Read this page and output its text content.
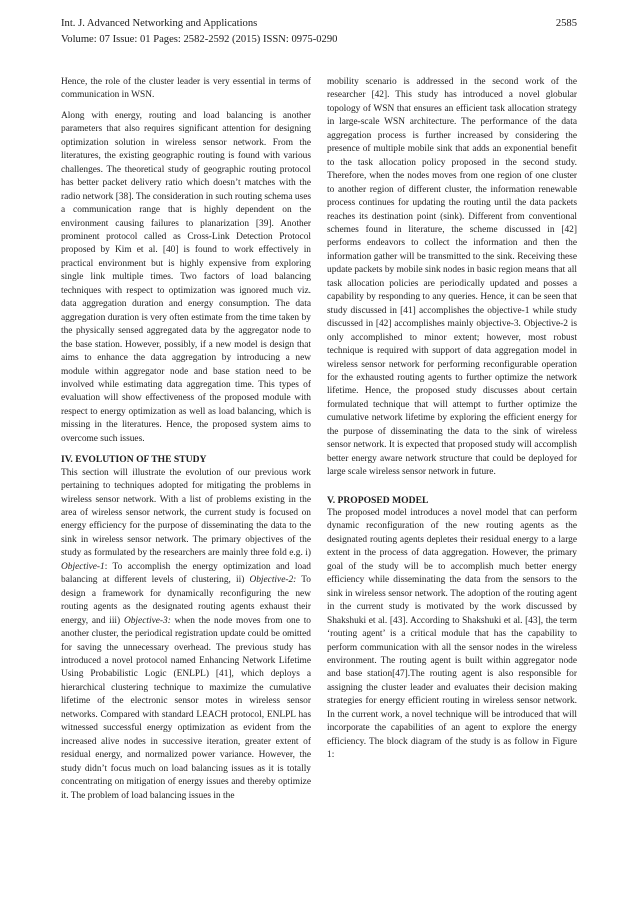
Int. J. Advanced Networking and Applications	2585
Volume: 07 Issue: 01 Pages: 2582-2592 (2015) ISSN: 0975-0290

Hence, the role of the cluster leader is very essential in terms of communication in WSN.

Along with energy, routing and load balancing is another parameters that also requires significant attention for designing optimization solution in wireless sensor network. From the literatures, the existing geographic routing is found with various challenges. The theoretical study of geographic routing protocol has better packet delivery ratio which doesn’t matches with the radio network [38]. The consideration in such routing schema uses a communication range that is highly dependent on the environment causing failures to planarization [39]. Another prominent protocol called as Cross-Link Detection Protocol proposed by Kim et al. [40] is found to work effectively in practical environment but is highly expensive from exploring single link multiple times. Two factors of load balancing techniques with respect to optimization was ignored much viz. data aggregation duration and energy consumption. The data aggregation duration is very often estimate from the time taken by the physically sensed aggregated data by the aggregator node to the base station. However, possibly, if a new model is design that aims to enhance the data aggregation by introducing a new module within aggregator node and base station need to be involved while estimating data aggregation time. This types of evaluation will show effectiveness of the proposed module with respect to energy optimization as well as load balancing, which is missing in the literatures. Hence, the proposed system aims to overcome such issues.

IV. EVOLUTION OF THE STUDY

This section will illustrate the evolution of our previous work pertaining to techniques adopted for mitigating the problems in wireless sensor network. With a list of problems existing in the area of wireless sensor network, the current study is focused on energy efficiency for the purpose of disseminating the data to the sink in wireless sensor network. The primary objectives of the study as formulated by the researchers are mainly three fold e.g. i) Objective-1: To accomplish the energy optimization and load balancing at different levels of clustering, ii) Objective-2: To design a framework for dynamically reconfiguring the new routing agents as the designated routing agents exhaust their energy, and iii) Objective-3: when the node moves from one to another cluster, the periodical registration update could be omitted for saving the unnecessary overhead. The previous study has introduced a novel protocol named Enhancing Network Lifetime Using Probabilistic Logic (ENLPL) [41], which deploys a hierarchical clustering technique to maximize the cumulative lifetime of the electronic sensor motes in wireless sensor networks. Compared with standard LEACH protocol, ENLPL has witnessed successful energy optimization as evident from the increased alive nodes in successive iteration, greater extent of residual energy, and normalized power variance. However, the study didn’t focus much on load balancing issues as it is totally concentrating on mitigation of energy issues and thereby optimize it. The problem of load balancing issues in the

mobility scenario is addressed in the second work of the researcher [42]. This study has introduced a novel globular topology of WSN that ensures an efficient task allocation strategy in large-scale WSN architecture. The performance of the data aggregation process is further increased by considering the presence of multiple mobile sink that adds an exponential benefit to the task allocation policy proposed in the second study. Therefore, when the nodes moves from one region of one cluster to another region of different cluster, the information renewable process continues for updating the routing until the data packets reaches its destination point (sink). Different from conventional schemes found in literature, the scheme discussed in [42] performs endeavors to collect the information and then the information gather will be transmitted to the sink. Receiving these update packets by mobile sink nodes in basic region means that all task allocation policies are periodically updated and posses a capability by responding to any queries. Hence, it can be seen that study discussed in [41] accomplishes the objective-1 while study discussed in [42] accomplishes mainly objective-3. Objective-2 is only accomplished to minor extent; however, most robust technique is required with support of data aggregation model in wireless sensor network for performing reconfigurable operation for the exhausted routing agents to further optimize the network lifetime. Hence, the proposed study discusses about certain formulated technique that will attempt to further optimize the cumulative network lifetime by exploring the efficient energy for the purpose of disseminating the data to the sink of wireless sensor network. It is expected that proposed study will accomplish better energy aware network structure that could be deployed for large scale wireless sensor network in future.

V. PROPOSED MODEL

The proposed model introduces a novel model that can perform dynamic reconfiguration of the new routing agents as the designated routing agents depletes their residual energy to a large extent in the process of data aggregation. However, the primary goal of the study will be to accomplish much better energy efficiency while disseminating the data from the sensors to the sink in wireless sensor network. The adoption of the routing agent in the current study is motivated by the work discussed by Shakshuki et al. [43]. According to Shakshuki et al. [43], the term ‘routing agent’ is a critical module that has the capability to perform communication with all the sensor nodes in the wireless environment. The routing agent is built within aggregator node and base station[47].The routing agent is also responsible for assigning the cluster leader and evaluates their decision making strategies for energy efficient routing in wireless sensor network. In the current work, a novel technique will be introduced that will incorporate the capabilities of an agent to explore the energy efficiency. The block diagram of the study is as follow in Figure 1:
